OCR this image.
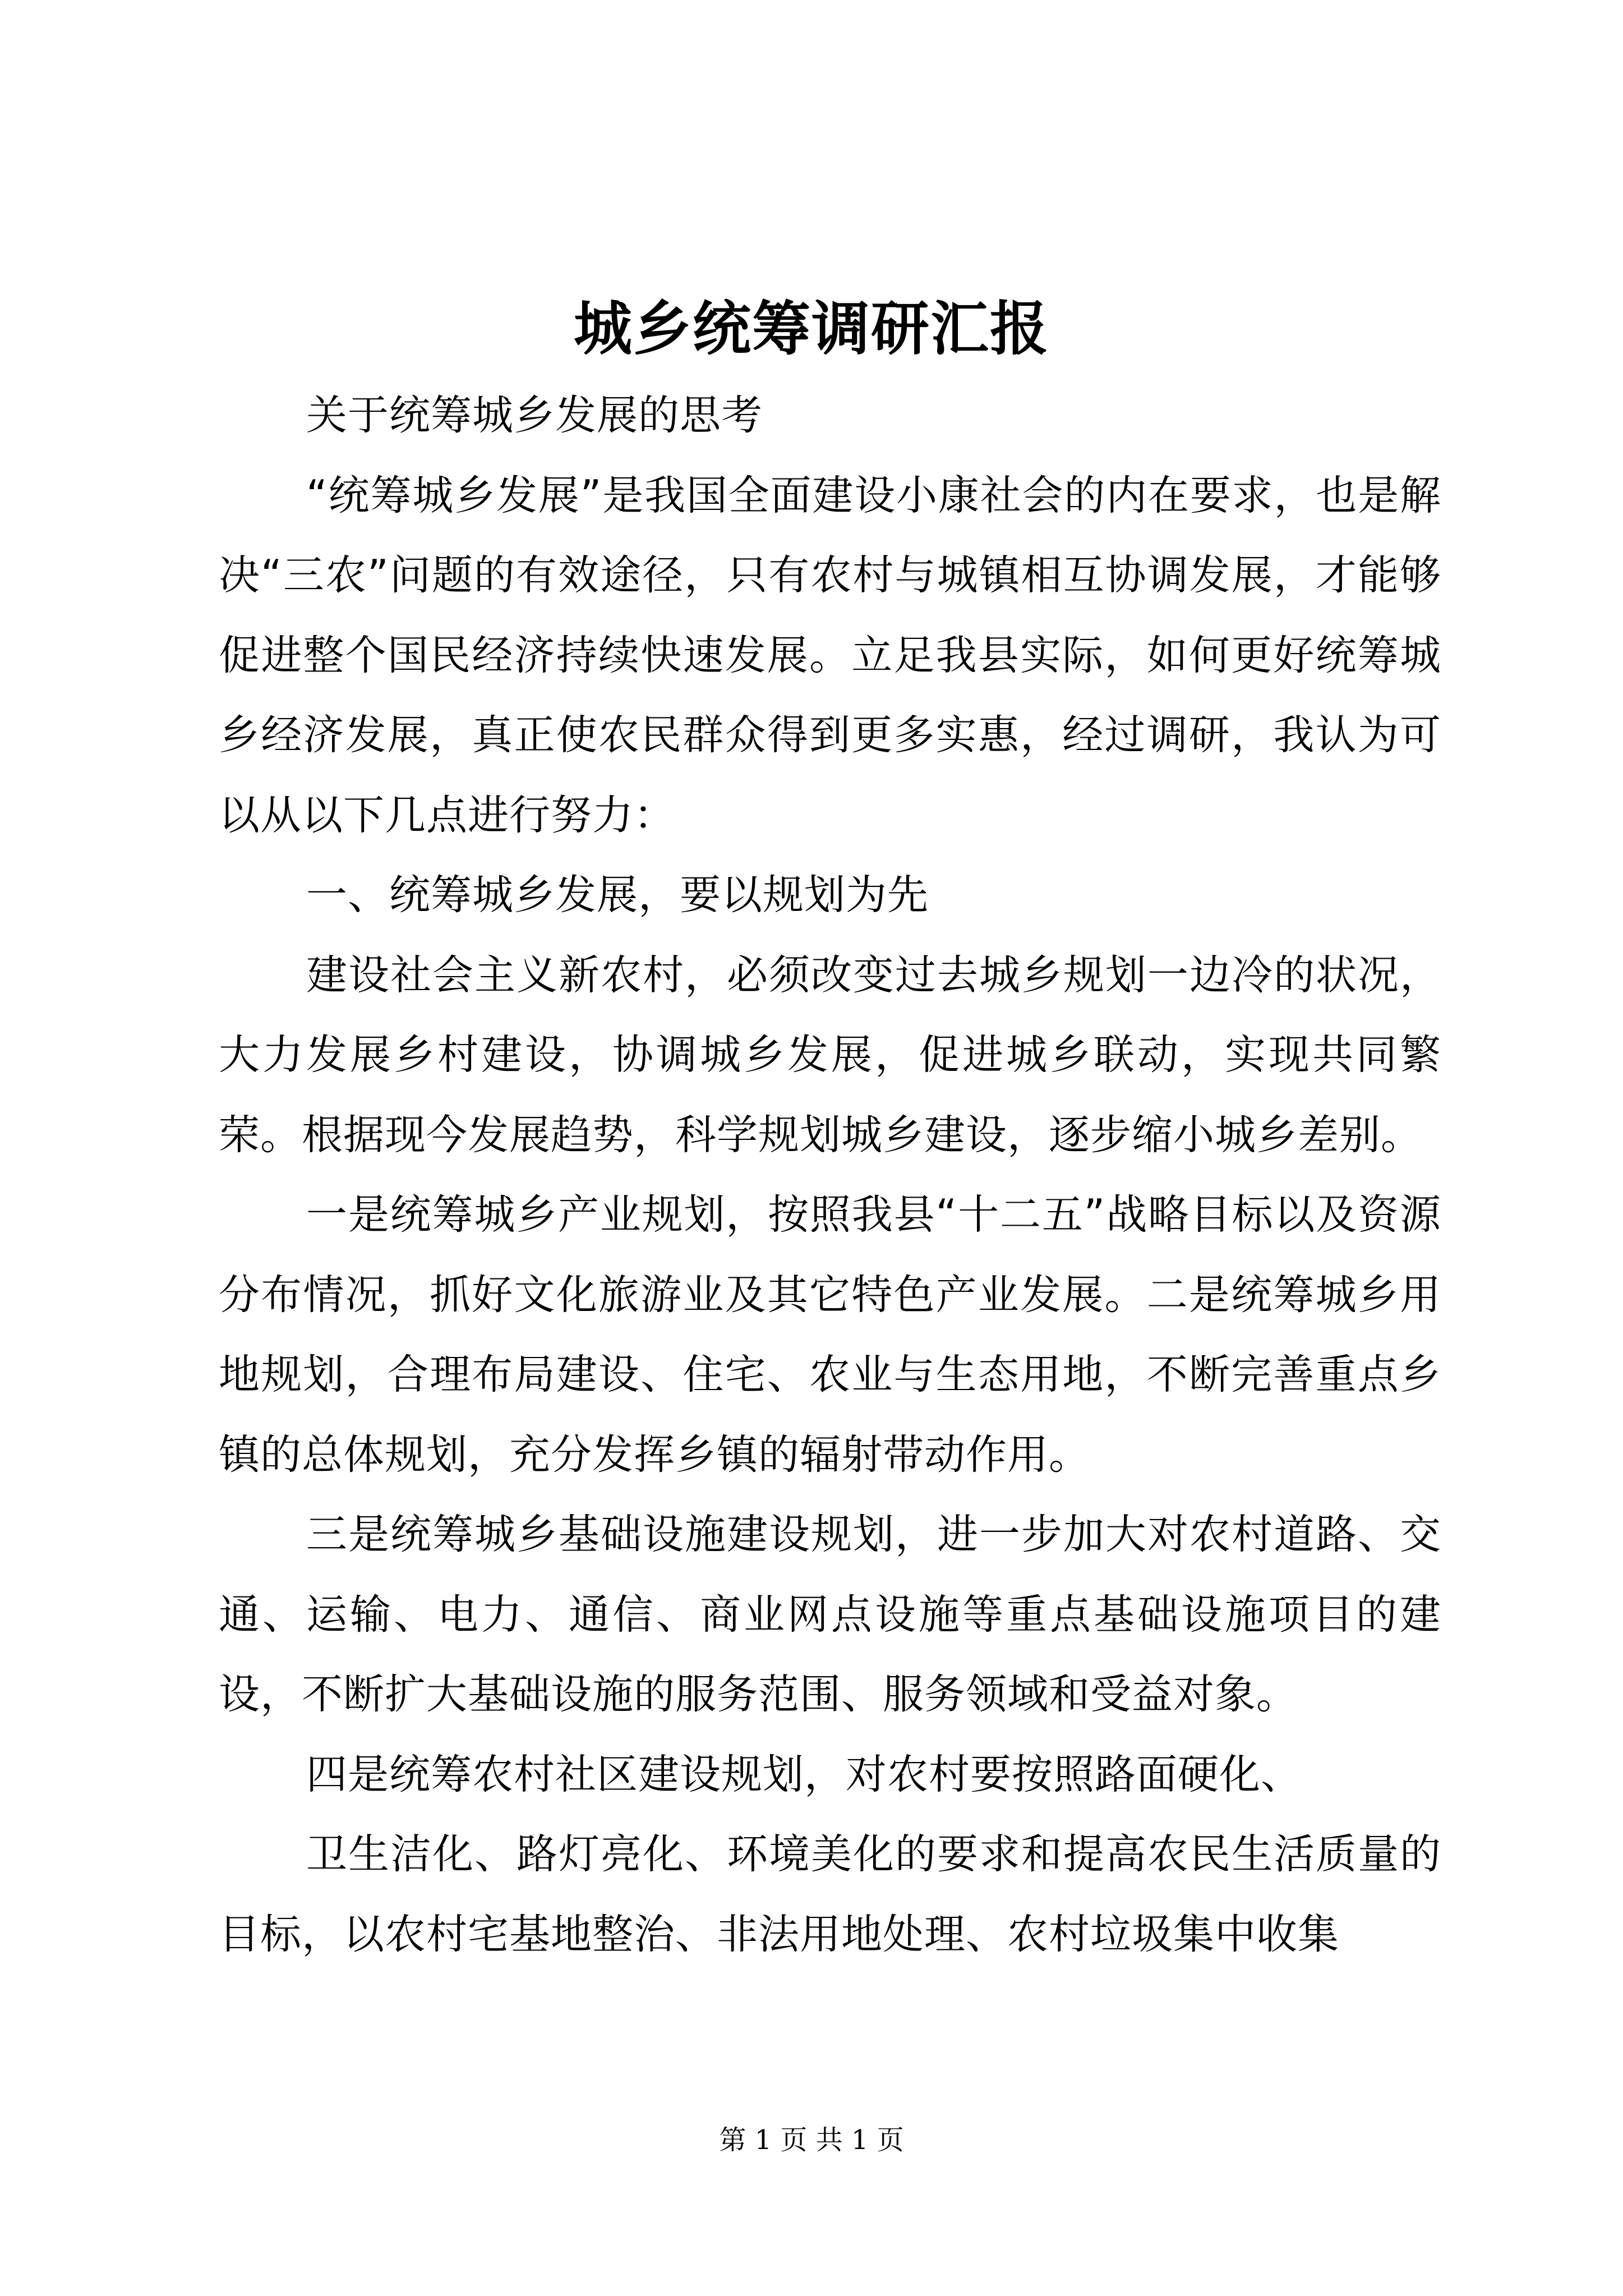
城乡统筹调研汇报

关于统筹城乡发展的思考

“统筹城乡发展”是我国全面建设小康社会的内在要求，也是解决“三农”问题的有效途径，只有农村与城镇相互协调发展，才能够促进整个国民经济持续快速发展。立足我县实际，如何更好统筹城乡经济发展，真正使农民群众得到更多实惠，经过调研，我认为可以从以下几点进行努力：

一、统筹城乡发展，要以规划为先

建设社会主义新农村，必须改变过去城乡规划一边冷的状况，大力发展乡村建设，协调城乡发展，促进城乡联动，实现共同繁荣。根据现今发展趋势，科学规划城乡建设，逐步缩小城乡差别。

一是统筹城乡产业规划，按照我县“十二五”战略目标以及资源分布情况，抓好文化旅游业及其它特色产业发展。二是统筹城乡用地规划，合理布局建设、住宅、农业与生态用地，不断完善重点乡镇的总体规划，充分发挥乡镇的辐射带动作用。

三是统筹城乡基础设施建设规划，进一步加大对农村道路、交通、运输、电力、通信、商业网点设施等重点基础设施项目的建设，不断扩大基础设施的服务范围、服务领域和受益对象。

四是统筹农村社区建设规划，对农村要按照路面硬化、

卫生洁化、路灯亮化、环境美化的要求和提高农民生活质量的目标，以农村宅基地整治、非法用地处理、农村垃圾集中收集

第 1 页 共 1 页
